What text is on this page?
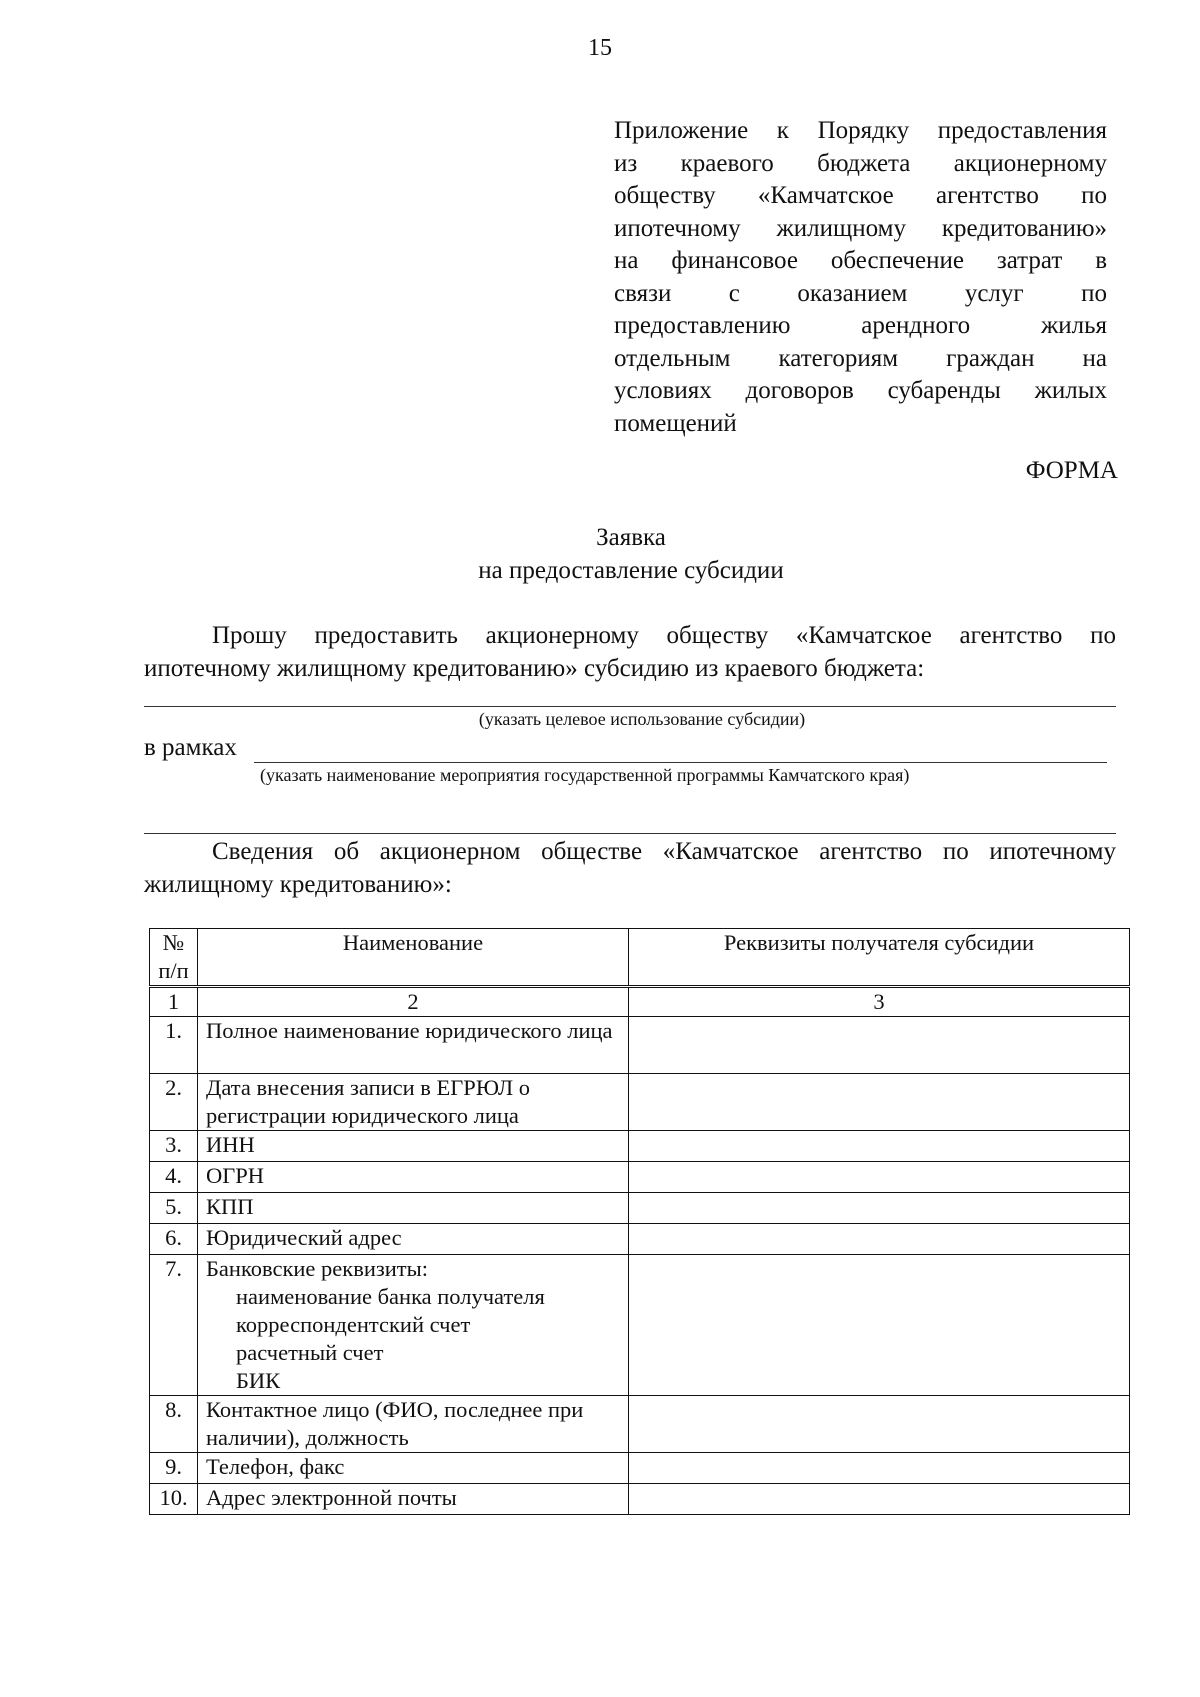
15
Приложение к Порядку предоставления
из краевого бюджета акционерному
обществу «Камчатское агентство по
ипотечному жилищному кредитованию»
на финансовое обеспечение затрат в
связи с оказанием услуг по
предоставлению арендного жилья
отдельным категориям граждан на
условиях договоров субаренды жилых
помещений
ФОРМА
Заявка
на предоставление субсидии
Прошу предоставить акционерному обществу «Камчатское агентство по
ипотечному жилищному кредитованию» субсидию из краевого бюджета:
(указать целевое использование субсидии)
в рамках
(указать наименование мероприятия государственной программы Камчатского края)
Сведения об акционерном обществе «Камчатское агентство по ипотечному
жилищному кредитованию»:
№ п/п	Наименование	Реквизиты получателя субсидии
1	2	3
1.	Полное наименование юридического лица	
2.	Дата внесения записи в ЕГРЮЛ о регистрации юридического лица	
3.	ИНН	
4.	ОГРН	
5.	КПП	
6.	Юридический адрес	
7.	Банковские реквизиты:
наименование банка получателя
корреспондентский счет
расчетный счет
БИК	

8.	Контактное лицо (ФИО, последнее при наличии), должность	
9.	Телефон, факс	
10.	Адрес электронной почты	
